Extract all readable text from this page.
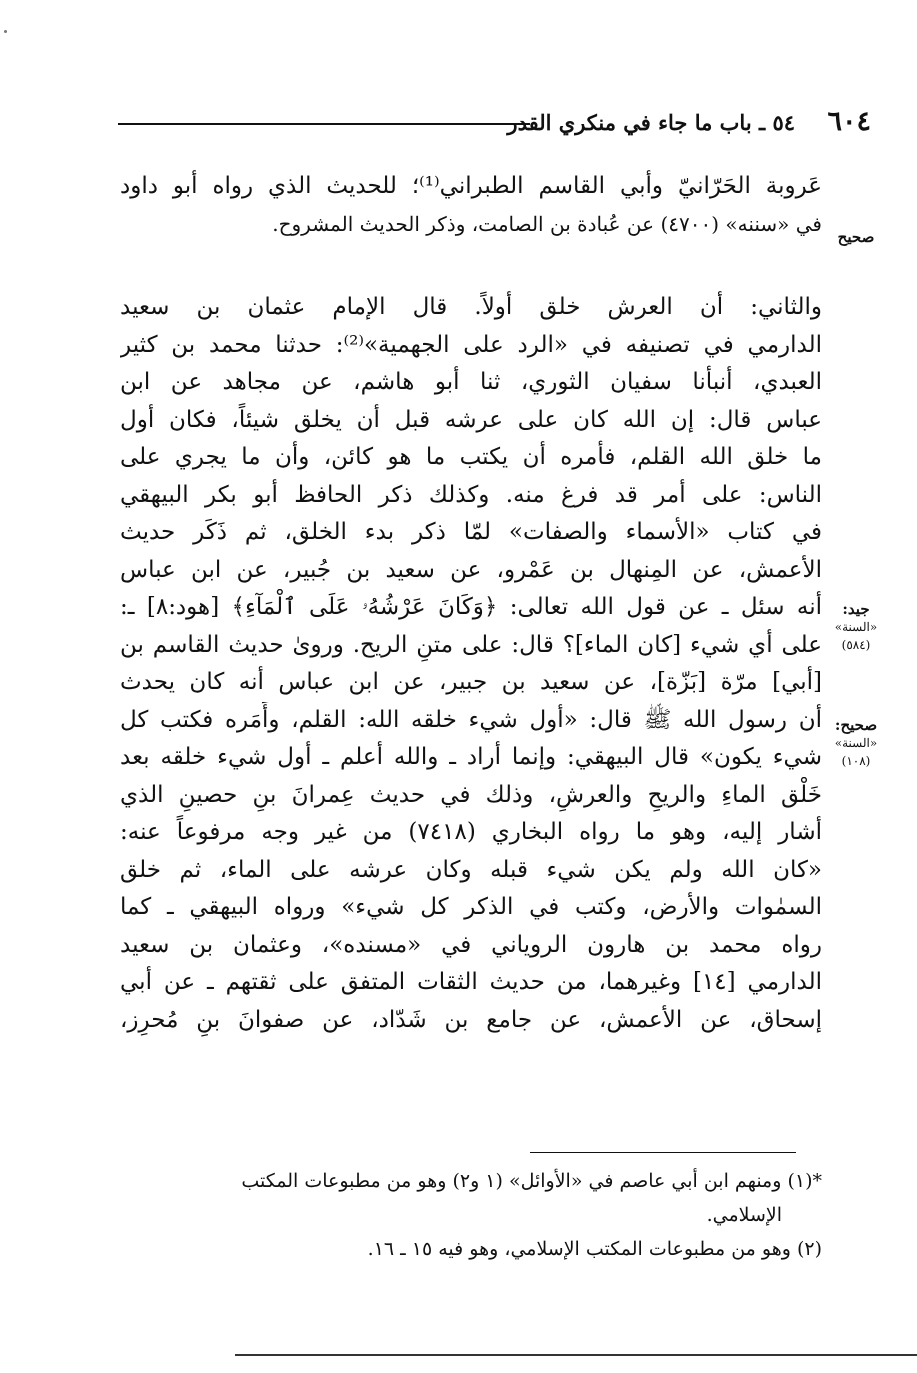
٦٠٤
٥٤ ـ باب ما جاء في منكري القدر
صحيح
جيد:
«السنة» (٥٨٤)
صحيح:
«السنة» (١٠٨)
عَروبة الحَرّانيّ وأبي القاسم الطبراني⁽¹⁾؛ للحديث الذي رواه أبو داود
في «سننه» (٤٧٠٠) عن عُبادة بن الصامت، وذكر الحديث المشروح.
والثاني: أن العرش خلق أولاً. قال الإمام عثمان بن سعيد
الدارمي في تصنيفه في «الرد على الجهمية»⁽²⁾: حدثنا محمد بن كثير
العبدي، أنبأنا سفيان الثوري، ثنا أبو هاشم، عن مجاهد عن ابن
عباس قال: إن الله كان على عرشه قبل أن يخلق شيئاً، فكان أول
ما خلق الله القلم، فأمره أن يكتب ما هو كائن، وأن ما يجري على
الناس: على أمر قد فرغ منه. وكذلك ذكر الحافظ أبو بكر البيهقي
في كتاب «الأسماء والصفات» لمّا ذكر بدء الخلق، ثم ذَكَر حديث
الأعمش، عن المِنهال بن عَمْرو، عن سعيد بن جُبير، عن ابن عباس
أنه سئل ـ عن قول الله تعالى: ﴿وَكَانَ عَرْشُهُۥ عَلَى ٱلْمَآءِ﴾ [هود:٨] ـ:
على أي شيء [كان الماء]؟ قال: على متنِ الريح. وروىٰ حديث القاسم بن
[أبي] مرّة [بَزّة]، عن سعيد بن جبير، عن ابن عباس أنه كان يحدث
أن رسول الله ﷺ قال: «أول شيء خلقه الله: القلم، وأَمَره فكتب كل
شيء يكون» قال البيهقي: وإنما أراد ـ والله أعلم ـ أول شيء خلقه بعد
خَلْق الماءِ والريحِ والعرشِ، وذلك في حديث عِمرانَ بنِ حصينِ الذي
أشار إليه، وهو ما رواه البخاري (٧٤١٨) من غير وجه مرفوعاً عنه:
«كان الله ولم يكن شيء قبله وكان عرشه على الماء، ثم خلق
السمٰوات والأرض، وكتب في الذكر كل شيء» ورواه البيهقي ـ كما
رواه محمد بن هارون الروياني في «مسنده»، وعثمان بن سعيد
الدارمي [١٤] وغيرهما، من حديث الثقات المتفق على ثقتهم ـ عن أبي
إسحاق، عن الأعمش، عن جامع بن شَدّاد، عن صفوانَ بنِ مُحرِز،
*(١) ومنهم ابن أبي عاصم في «الأوائل» (١ و٢) وهو من مطبوعات المكتب
الإسلامي.
(٢) وهو من مطبوعات المكتب الإسلامي، وهو فيه ١٥ ـ ١٦.
